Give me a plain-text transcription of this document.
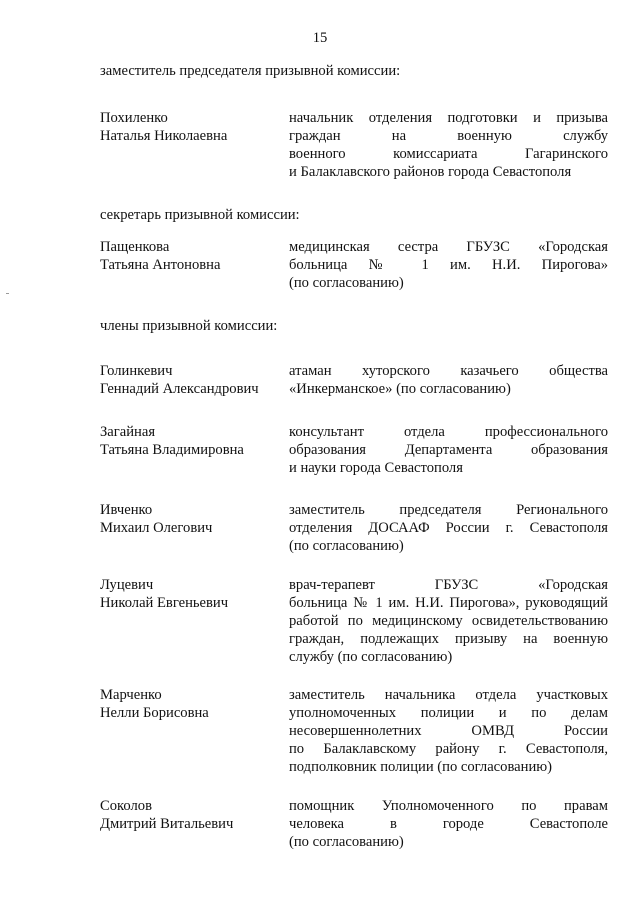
15
заместитель председателя призывной комиссии:
Похиленко
Наталья Николаевна
начальник отделения подготовки и призыва
граждан на военную службу
военного комиссариата Гагаринского
и Балаклавского районов города Севастополя
секретарь призывной комиссии:
Пащенкова
Татьяна Антоновна
медицинская сестра ГБУЗС «Городская
больница № 1 им. Н.И. Пирогова»
(по согласованию)
члены призывной комиссии:
Голинкевич
Геннадий Александрович
атаман хуторского казачьего общества
«Инкерманское» (по согласованию)
Загайная
Татьяна Владимировна
консультант отдела профессионального
образования Департамента образования
и науки города Севастополя
Ивченко
Михаил Олегович
заместитель председателя Регионального
отделения ДОСААФ России г. Севастополя
(по согласованию)
Луцевич
Николай Евгеньевич
врач-терапевт ГБУЗС «Городская
больница № 1 им. Н.И. Пирогова», руководящий
работой по медицинскому освидетельствованию
граждан, подлежащих призыву на военную
службу (по согласованию)
Марченко
Нелли Борисовна
заместитель начальника отдела участковых
уполномоченных полиции и по делам
несовершеннолетних ОМВД России
по Балаклавскому району г. Севастополя,
подполковник полиции (по согласованию)
Соколов
Дмитрий Витальевич
помощник Уполномоченного по правам
человека в городе Севастополе
(по согласованию)
